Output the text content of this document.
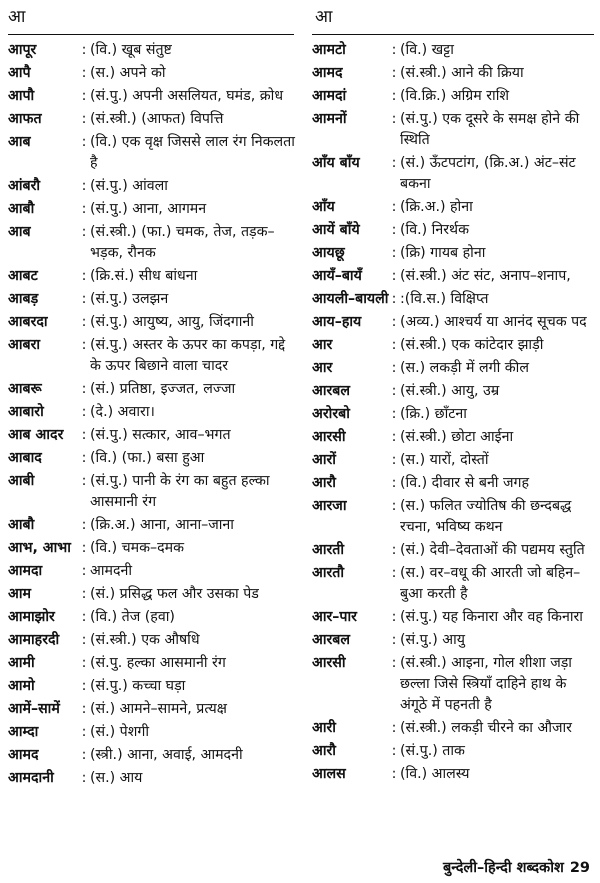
आ	आ
आपूर	: (वि.) खूब संतुष्ट
आपै	: (स.) अपने को
आपौ	: (सं.पु.) अपनी असलियत, घमंड, क्रोध
आफत	: (सं.स्त्री.) (आफत) विपत्ति
आब	: (वि.) एक वृक्ष जिससे लाल रंग निकलता है
आंबरौ	: (सं.पु.) आंवला
आबौ	: (सं.पु.) आना, आगमन
आब	: (सं.स्त्री.) (फा.) चमक, तेज, तड़क–भड़क, रौनक
आबट	: (क्रि.सं.) सीध बांधना
आबड़	: (सं.पु.) उलझन
आबरदा	: (सं.पु.) आयुष्य, आयु, जिंदगानी
आबरा	: (सं.पु.) अस्तर के ऊपर का कपड़ा, गद्दे के ऊपर बिछाने वाला चादर
आबरू	: (सं.) प्रतिष्ठा, इज्जत, लज्जा
आबारो	: (दे.) अवारा।
आब आदर	: (सं.पु.) सत्कार, आव–भगत
आबाद	: (वि.) (फा.) बसा हुआ
आबी	: (सं.पु.) पानी के रंग का बहुत हल्का आसमानी रंग
आबौ	: (क्रि.अ.) आना, आना–जाना
आभ, आभा : (वि.) चमक–दमक
आमदा	: आमदनी
आम	: (सं.) प्रसिद्ध फल और उसका पेड
आमाझोर	: (वि.) तेज (हवा)
आमाहरदी	: (सं.स्त्री.) एक औषधि
आमी	: (सं.पु. हल्का आसमानी रंग
आमो	: (सं.पु.) कच्चा घड़ा
आमें–सामें	: (सं.) आमने–सामने, प्रत्यक्ष
आम्दा	: (सं.) पेशगी
आमद	: (स्त्री.) आना, अवाई, आमदनी
आमदानी	: (स.) आय
आमटो	: (वि.) खट्टा
आमद	: (सं.स्त्री.) आने की क्रिया
आमदां	: (वि.क्रि.) अग्रिम राशि
आमनों	: (सं.पु.) एक दूसरे के समक्ष होने की स्थिति
आँय बाँय	: (सं.) ऊँटपटांग, (क्रि.अ.) अंट–संट बकना
आँय	: (क्रि.अ.) होना
आयें बाँये	: (वि.) निरर्थक
आयछू	: (क्रि) गायब होना
आयँ–बायँ	: (सं.स्त्री.) अंट संट, अनाप–शनाप,
आयली–बायली : :(वि.स.) विक्षिप्त
आय–हाय	: (अव्य.) आश्चर्य या आनंद सूचक पद
आर	: (सं.स्त्री.) एक कांटेदार झाड़ी
आर	: (स.) लकड़ी में लगी कील
आरबल	: (सं.स्त्री.) आयु, उम्र
अरोरबो	: (क्रि.) छाँटना
आरसी	: (सं.स्त्री.) छोटा आईना
आरों	: (स.) यारों, दोस्तों
आरौ	: (वि.) दीवार से बनी जगह
आरजा	: (स.) फलित ज्योतिष की छन्दबद्ध रचना, भविष्य कथन
आरती	: (सं.) देवी–देवताओं की पद्यमय स्तुति
आरतौ	: (स.) वर–वधू की आरती जो बहिन–बुआ करती है
आर–पार	: (सं.पु.) यह किनारा और वह किनारा
आरबल	: (सं.पु.) आयु
आरसी	: (सं.स्त्री.) आइना, गोल शीशा जड़ा छल्ला जिसे स्त्रियाँ दाहिने हाथ के अंगूठे में पहनती है
आरी	: (सं.स्त्री.) लकड़ी चीरने का औजार
आरौ	: (सं.पु.) ताक
आलस	: (वि.) आलस्य
बुन्देली–हिन्दी शब्दकोश 29
